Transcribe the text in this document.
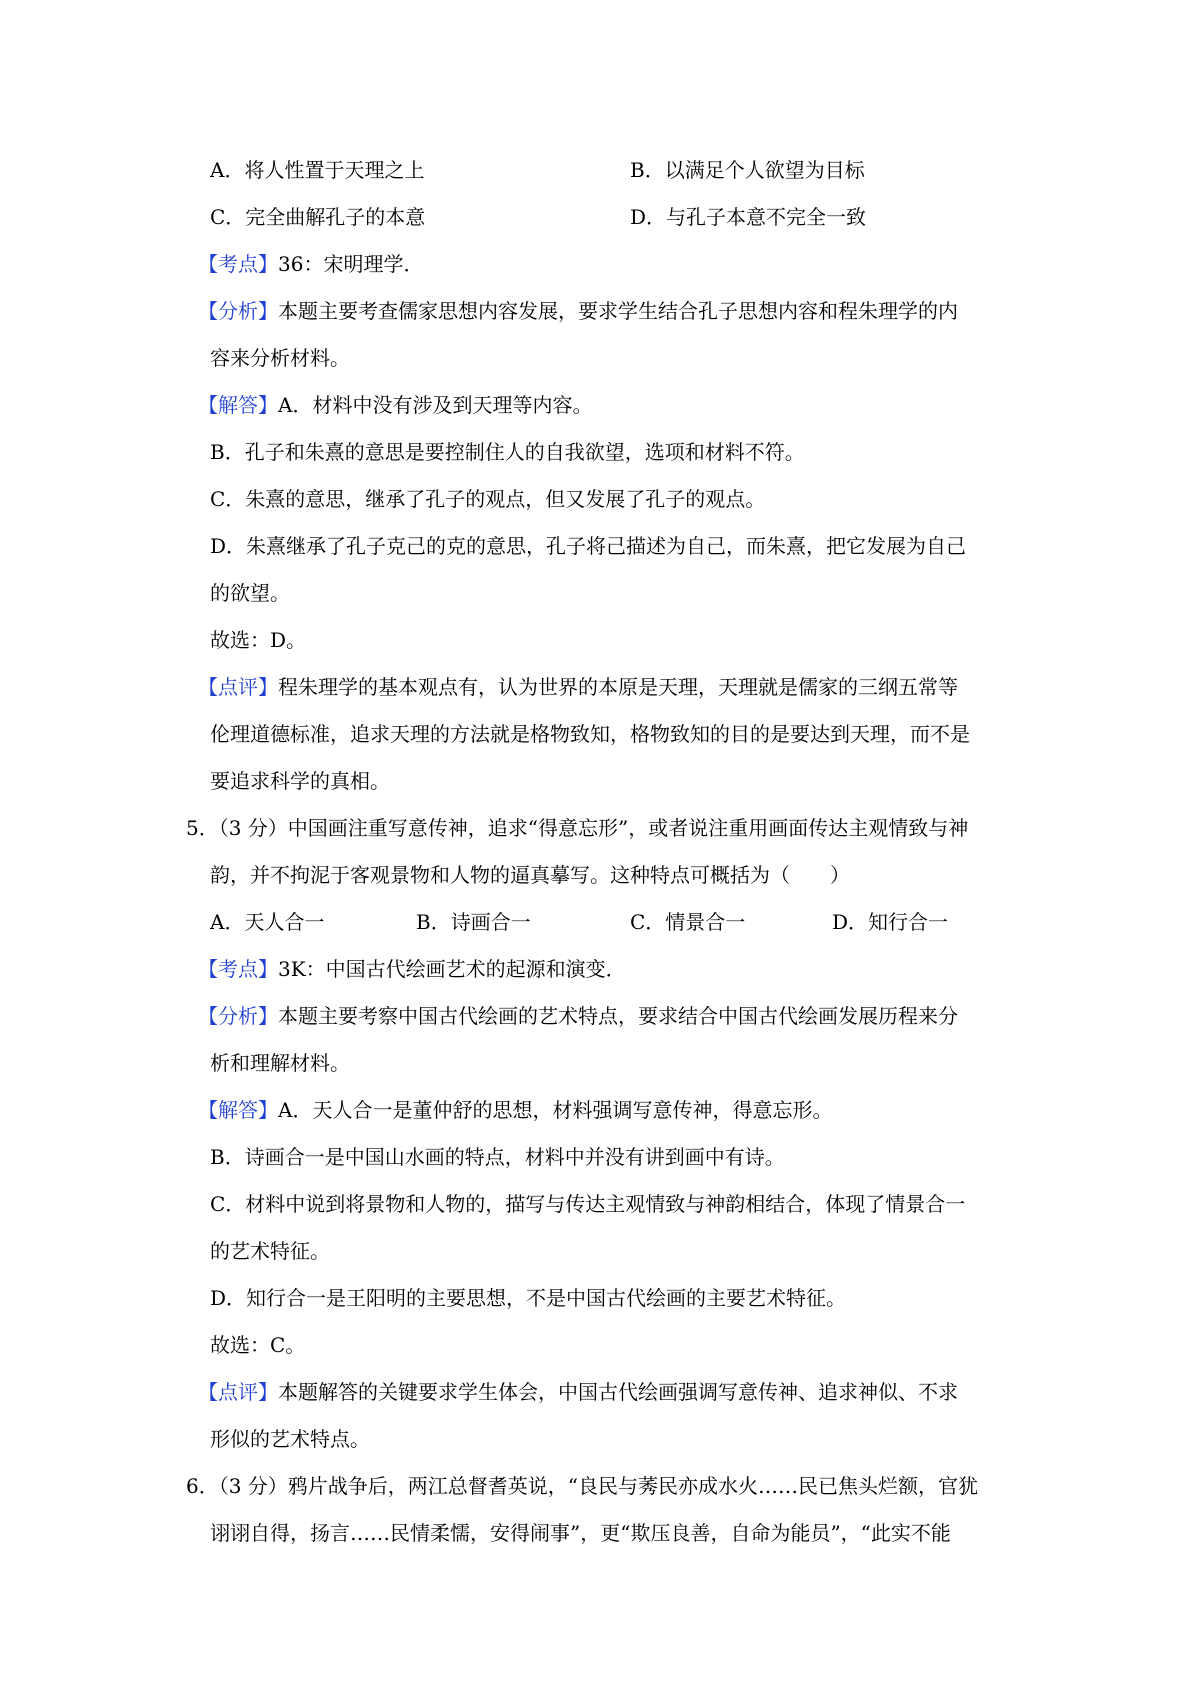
A．将人性置于天理之上	B．以满足个人欲望为目标

C．完全曲解孔子的本意	D．与孔子本意不完全一致

【考点】36：宋明理学．

【分析】本题主要考查儒家思想内容发展，要求学生结合孔子思想内容和程朱理学的内

容来分析材料。

【解答】A．材料中没有涉及到天理等内容。

B．孔子和朱熹的意思是要控制住人的自我欲望，选项和材料不符。

C．朱熹的意思，继承了孔子的观点，但又发展了孔子的观点。

D．朱熹继承了孔子克己的克的意思，孔子将己描述为自己，而朱熹，把它发展为自己

的欲望。

故选：D。

【点评】程朱理学的基本观点有，认为世界的本原是天理，天理就是儒家的三纲五常等

伦理道德标准，追求天理的方法就是格物致知，格物致知的目的是要达到天理，而不是

要追求科学的真相。

5．（3 分）中国画注重写意传神，追求“得意忘形”，或者说注重用画面传达主观情致与神

韵，并不拘泥于客观景物和人物的逼真摹写。这种特点可概括为（　　）

A．天人合一	B．诗画合一	C．情景合一	D．知行合一

【考点】3K：中国古代绘画艺术的起源和演变．

【分析】本题主要考察中国古代绘画的艺术特点，要求结合中国古代绘画发展历程来分

析和理解材料。

【解答】A．天人合一是董仲舒的思想，材料强调写意传神，得意忘形。

B．诗画合一是中国山水画的特点，材料中并没有讲到画中有诗。

C．材料中说到将景物和人物的，描写与传达主观情致与神韵相结合，体现了情景合一

的艺术特征。

D．知行合一是王阳明的主要思想，不是中国古代绘画的主要艺术特征。

故选：C。

【点评】本题解答的关键要求学生体会，中国古代绘画强调写意传神、追求神似、不求

形似的艺术特点。

6．（3 分）鸦片战争后，两江总督耆英说，“良民与莠民亦成水火……民已焦头烂额，官犹

诩诩自得，扬言……民情柔懦，安得闹事”，更“欺压良善，自命为能员”，“此实不能
